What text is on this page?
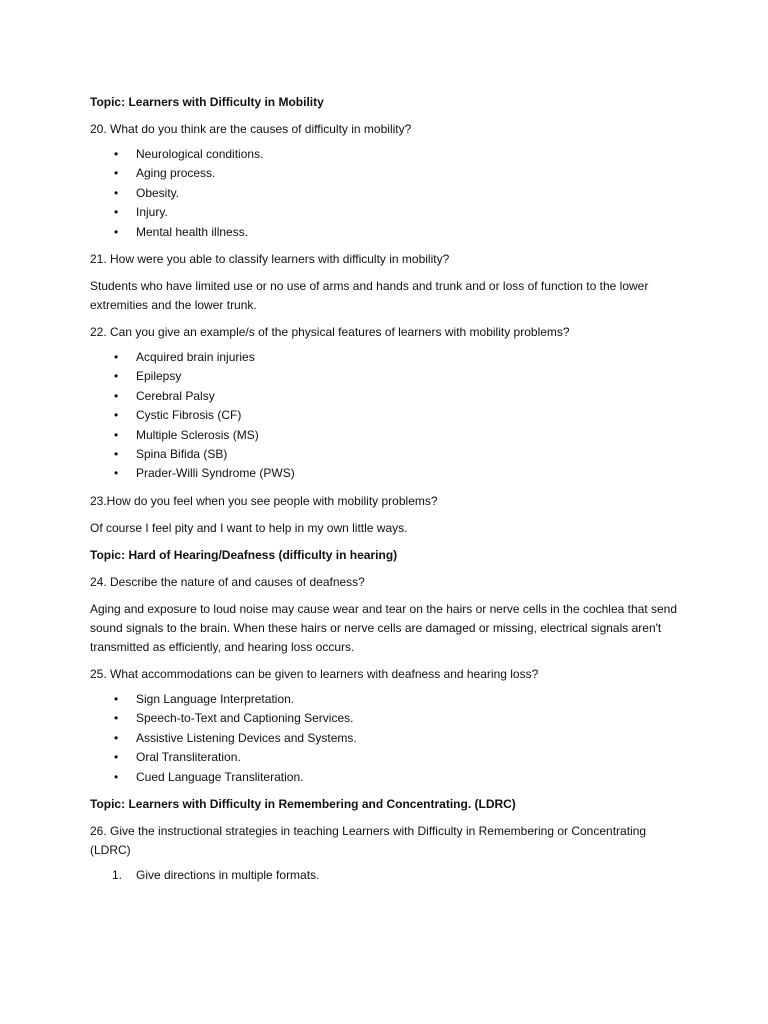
Topic: Learners with Difficulty in Mobility

20. What do you think are the causes of difficulty in mobility?

• Neurological conditions.
• Aging process.
• Obesity.
• Injury.
• Mental health illness.

21. How were you able to classify learners with difficulty in mobility?

Students who have limited use or no use of arms and hands and trunk and or loss of function to the lower extremities and the lower trunk.

22. Can you give an example/s of the physical features of learners with mobility problems?

• Acquired brain injuries
• Epilepsy
• Cerebral Palsy
• Cystic Fibrosis (CF)
• Multiple Sclerosis (MS)
• Spina Bifida (SB)
• Prader-Willi Syndrome (PWS)

23.How do you feel when you see people with mobility problems?

Of course I feel pity and I want to help in my own little ways.

Topic: Hard of Hearing/Deafness (difficulty in hearing)

24. Describe the nature of and causes of deafness?

Aging and exposure to loud noise may cause wear and tear on the hairs or nerve cells in the cochlea that send sound signals to the brain. When these hairs or nerve cells are damaged or missing, electrical signals aren't transmitted as efficiently, and hearing loss occurs.

25. What accommodations can be given to learners with deafness and hearing loss?

• Sign Language Interpretation.
• Speech-to-Text and Captioning Services.
• Assistive Listening Devices and Systems.
• Oral Transliteration.
• Cued Language Transliteration.

Topic: Learners with Difficulty in Remembering and Concentrating. (LDRC)

26. Give the instructional strategies in teaching Learners with Difficulty in Remembering or Concentrating (LDRC)

1. Give directions in multiple formats.
